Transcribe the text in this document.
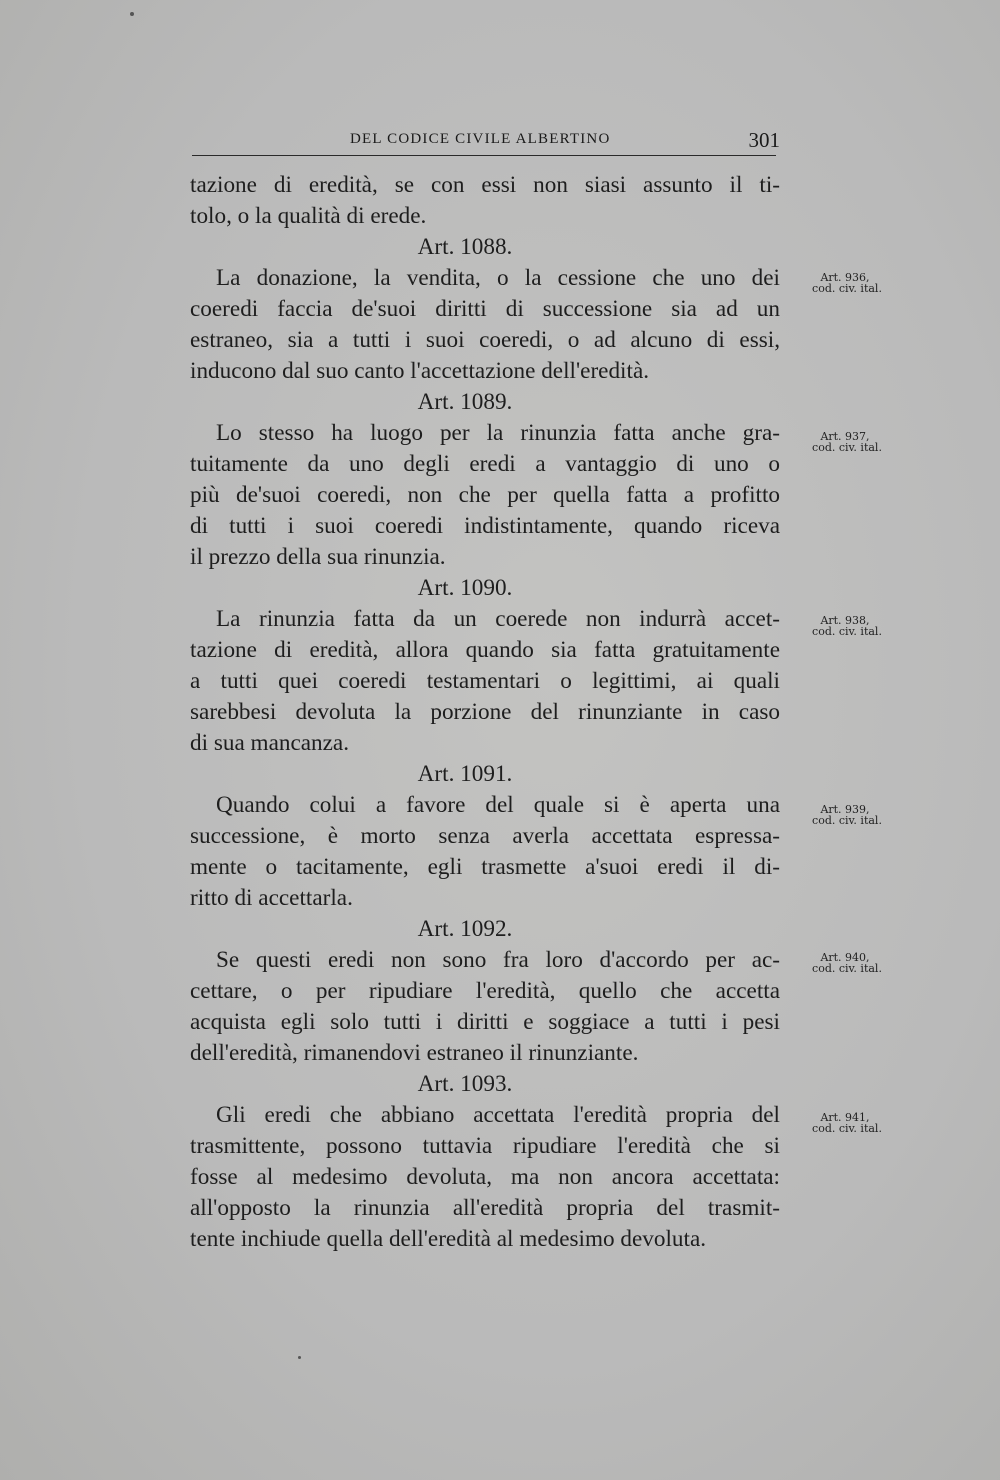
DEL CODICE CIVILE ALBERTINO	301
tazione di eredità, se con essi non siasi assunto il ti-
tolo, o la qualità di erede.
Art. 1088.
La donazione, la vendita, o la cessione che uno dei
coeredi faccia de'suoi diritti di successione sia ad un
estraneo, sia a tutti i suoi coeredi, o ad alcuno di essi,
inducono dal suo canto l'accettazione dell'eredità.
Art. 1089.
Lo stesso ha luogo per la rinunzia fatta anche gra-
tuitamente da uno degli eredi a vantaggio di uno o
più de'suoi coeredi, non che per quella fatta a profitto
di tutti i suoi coeredi indistintamente, quando riceva
il prezzo della sua rinunzia.
Art. 1090.
La rinunzia fatta da un coerede non indurrà accet-
tazione di eredità, allora quando sia fatta gratuitamente
a tutti quei coeredi testamentari o legittimi, ai quali
sarebbesi devoluta la porzione del rinunziante in caso
di sua mancanza.
Art. 1091.
Quando colui a favore del quale si è aperta una
successione, è morto senza averla accettata espressa-
mente o tacitamente, egli trasmette a'suoi eredi il di-
ritto di accettarla.
Art. 1092.
Se questi eredi non sono fra loro d'accordo per ac-
cettare, o per ripudiare l'eredità, quello che accetta
acquista egli solo tutti i diritti e soggiace a tutti i pesi
dell'eredità, rimanendovi estraneo il rinunziante.
Art. 1093.
Gli eredi che abbiano accettata l'eredità propria del
trasmittente, possono tuttavia ripudiare l'eredità che si
fosse al medesimo devoluta, ma non ancora accettata:
all'opposto la rinunzia all'eredità propria del trasmit-
tente inchiude quella dell'eredità al medesimo devoluta.
Art. 936,
cod. civ. ital.
Art. 937,
cod. civ. ital.
Art. 938,
cod. civ. ital.
Art. 939,
cod. civ. ital.
Art. 940,
cod. civ. ital.
Art. 941,
cod. civ. ital.
